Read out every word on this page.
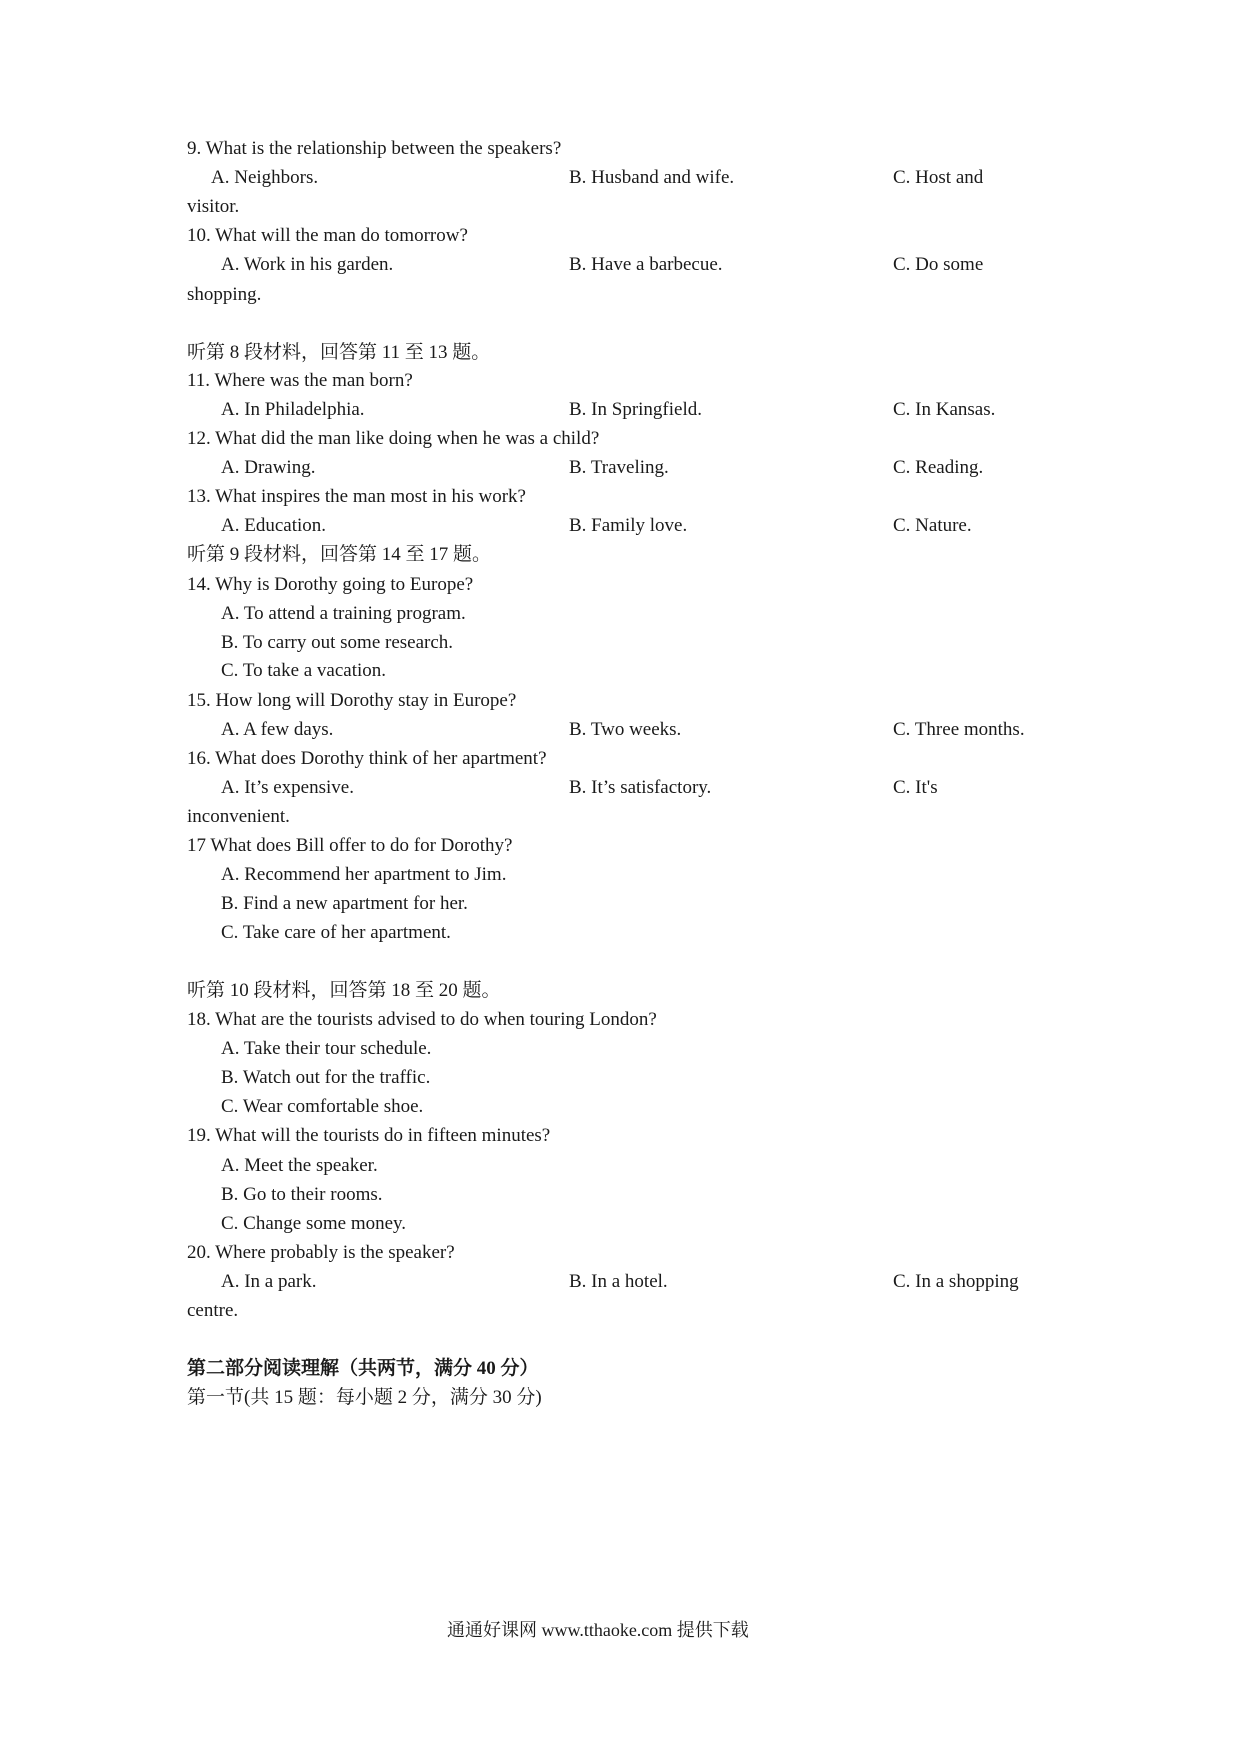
9. What is the relationship between the speakers?

A. Neighbors.	B. Husband and wife.	C. Host and

visitor.

10. What will the man do tomorrow?

A. Work in his garden.	B. Have a barbecue.	C. Do some

shopping.

听第 8 段材料，回答第 11 至 13 题。

11. Where was the man born?

A. In Philadelphia.	B. In Springfield.	C. In Kansas.

12. What did the man like doing when he was a child?

A. Drawing.	B. Traveling.	C. Reading.

13. What inspires the man most in his work?

A. Education.	B. Family love.	C. Nature.

听第 9 段材料，回答第 14 至 17 题。

14. Why is Dorothy going to Europe?

A. To attend a training program.

B. To carry out some research.

C. To take a vacation.

15. How long will Dorothy stay in Europe?

A. A few days.	B. Two weeks.	C. Three months.

16. What does Dorothy think of her apartment?

A. It’s expensive.	B. It’s satisfactory.	C. It's

inconvenient.

17 What does Bill offer to do for Dorothy?

A. Recommend her apartment to Jim.

B. Find a new apartment for her.

C. Take care of her apartment.

听第 10 段材料，回答第 18 至 20 题。

18. What are the tourists advised to do when touring London?

A. Take their tour schedule.

B. Watch out for the traffic.

C. Wear comfortable shoe.

19. What will the tourists do in fifteen minutes?

A. Meet the speaker.

B. Go to their rooms.

C. Change some money.

20. Where probably is the speaker?

A. In a park.	B. In a hotel.	C. In a shopping

centre.

第二部分阅读理解（共两节，满分 40 分）

第一节(共 15 题：每小题 2 分，满分 30 分)

通通好课网 www.tthaoke.com 提供下载
